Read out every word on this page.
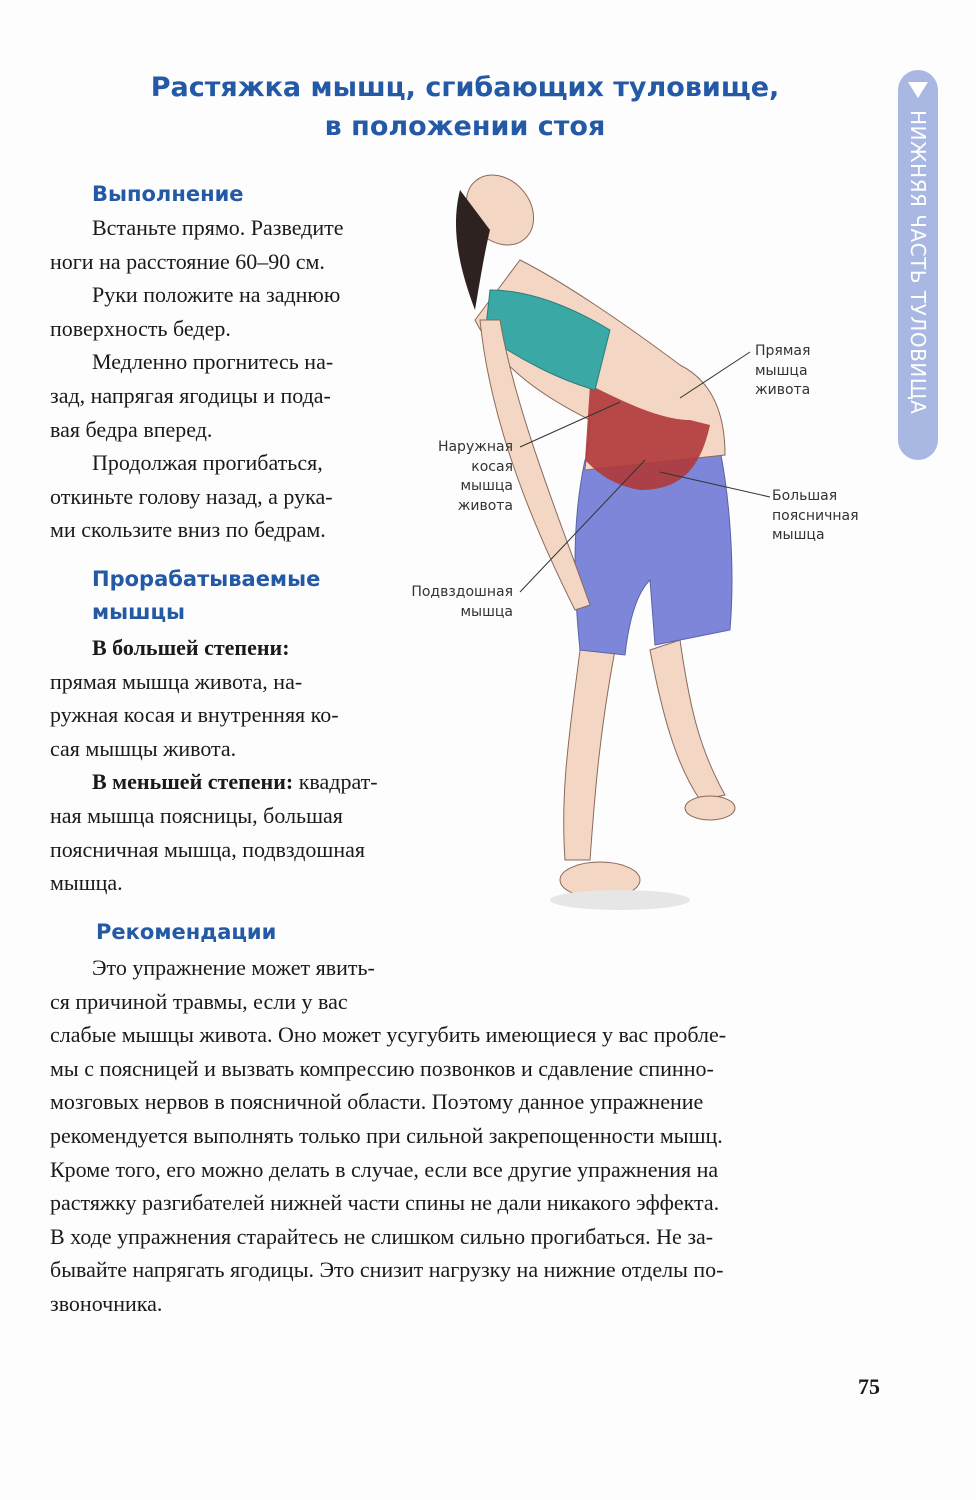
Растяжка мышц, сгибающих туловище,
в положении стоя	НИЖНЯЯ ЧАСТЬ ТУЛОВИЩА
Выполнение
Встаньте прямо. Разведите
ноги на расстояние 60–90 см.
Руки положите на заднюю
поверхность бедер.
Медленно прогнитесь на-
зад, напрягая ягодицы и пода-
вая бедра вперед.
Продолжая прогибаться,
откиньте голову назад, а рука-
ми скользите вниз по бедрам.
Прорабатываемые
мышцы
В большей степени:
прямая мышца живота, на-
ружная косая и внутренняя ко-
сая мышцы живота.
В меньшей степени: квадрат-
ная мышца поясницы, большая
поясничная мышца, подвздошная
мышца.
Рекомендации
Это упражнение может явить-
ся причиной травмы, если у вас
слабые мышцы живота. Оно может усугубить имеющиеся у вас пробле-
мы с поясницей и вызвать компрессию позвонков и сдавление спинно-
мозговых нервов в поясничной области. Поэтому данное упражнение
рекомендуется выполнять только при сильной закрепощенности мышц.
Кроме того, его можно делать в случае, если все другие упражнения на
растяжку разгибателей нижней части спины не дали никакого эффекта.
В ходе упражнения старайтесь не слишком сильно прогибаться. Не за-
бывайте напрягать ягодицы. Это снизит нагрузку на нижние отделы по-
звоночника.
Прямая
мышца
живота
Наружная
косая
мышца
живота
Большая
поясничная
мышца
Подвздошная
мышца
75
